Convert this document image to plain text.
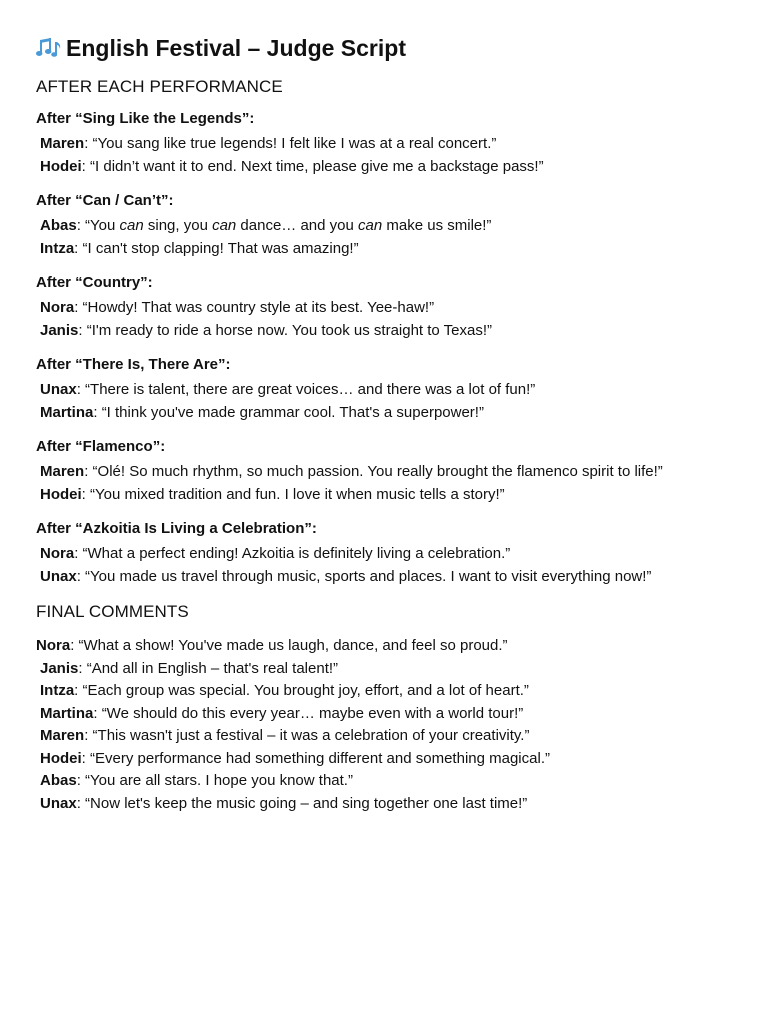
English Festival – Judge Script
AFTER EACH PERFORMANCE
After “Sing Like the Legends”:
Maren: “You sang like true legends! I felt like I was at a real concert.”
Hodei: “I didn’t want it to end. Next time, please give me a backstage pass!”
After “Can / Can’t”:
Abas: “You can sing, you can dance… and you can make us smile!”
Intza: “I can't stop clapping! That was amazing!”
After “Country”:
Nora: “Howdy! That was country style at its best. Yee-haw!”
Janis: “I'm ready to ride a horse now. You took us straight to Texas!”
After “There Is, There Are”:
Unax: “There is talent, there are great voices… and there was a lot of fun!”
Martina: “I think you've made grammar cool. That's a superpower!”
After “Flamenco”:
Maren: “Olé! So much rhythm, so much passion. You really brought the flamenco spirit to life!”
Hodei: “You mixed tradition and fun. I love it when music tells a story!”
After “Azkoitia Is Living a Celebration”:
Nora: “What a perfect ending! Azkoitia is definitely living a celebration.”
Unax: “You made us travel through music, sports and places. I want to visit everything now!”
FINAL COMMENTS
Nora: “What a show! You've made us laugh, dance, and feel so proud.”
Janis: “And all in English – that's real talent!”
Intza: “Each group was special. You brought joy, effort, and a lot of heart.”
Martina: “We should do this every year… maybe even with a world tour!”
Maren: “This wasn't just a festival – it was a celebration of your creativity.”
Hodei: “Every performance had something different and something magical.”
Abas: “You are all stars. I hope you know that.”
Unax: “Now let's keep the music going – and sing together one last time!”
